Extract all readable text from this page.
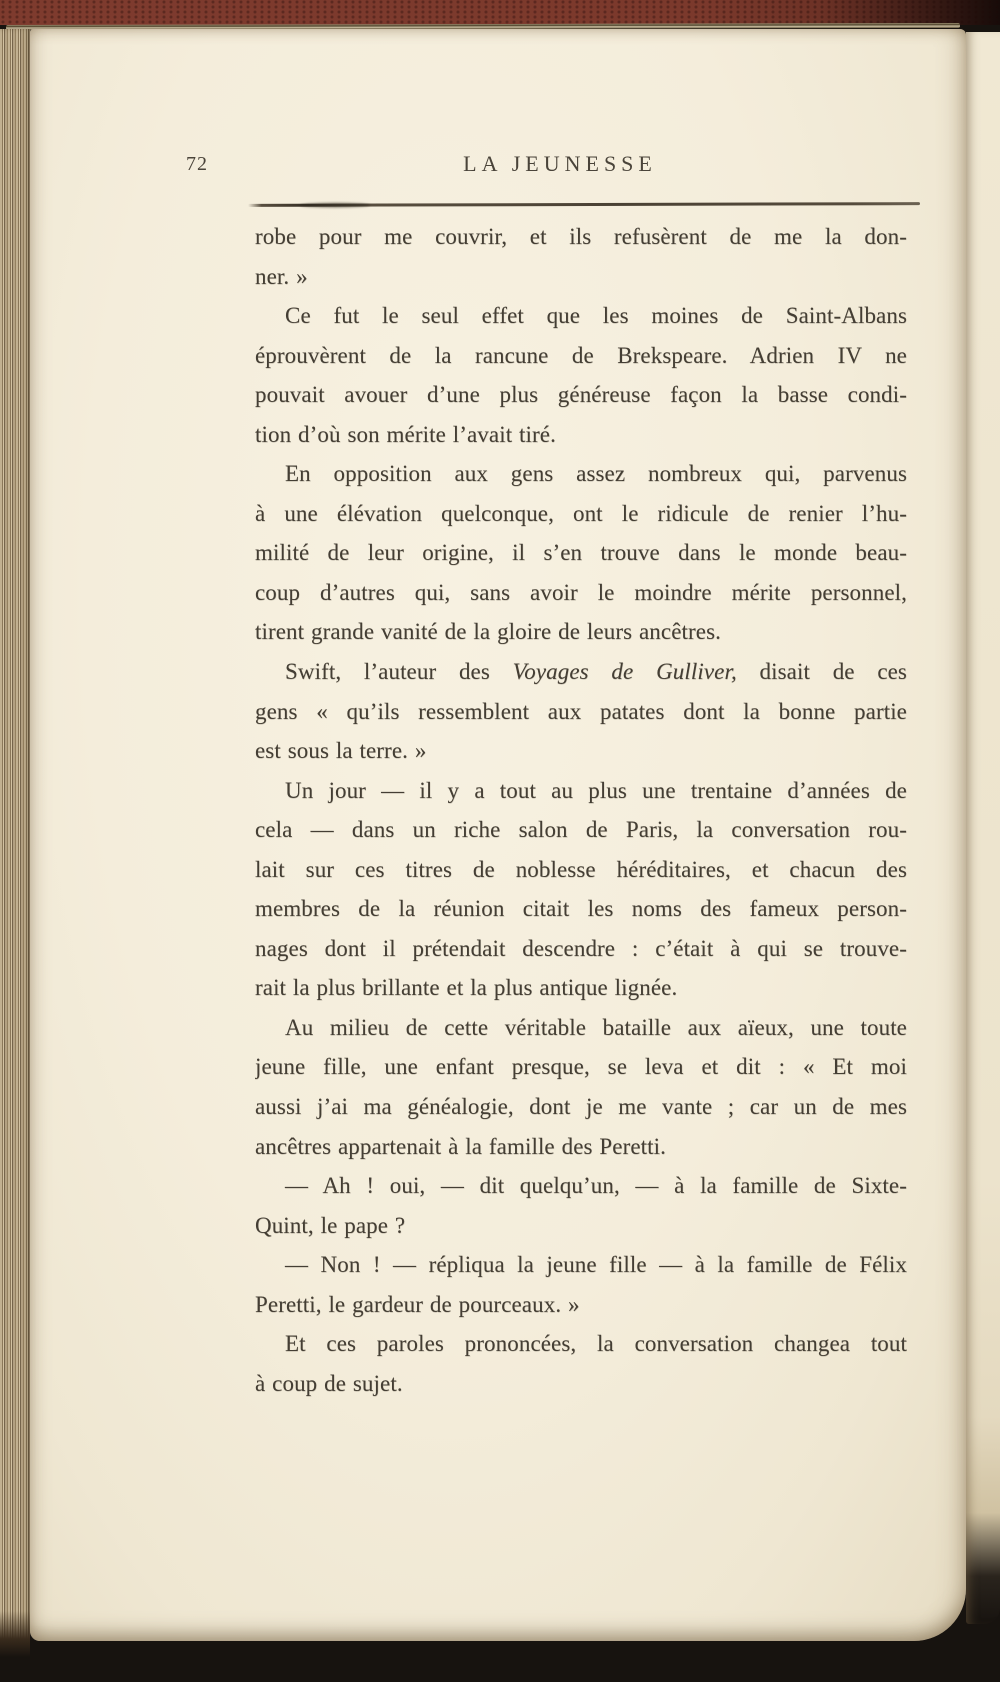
72	LA JEUNESSE
robe pour me couvrir, et ils refusèrent de me la don-
ner. »
Ce fut le seul effet que les moines de Saint-Albans
éprouvèrent de la rancune de Brekspeare. Adrien IV ne
pouvait avouer d’une plus généreuse façon la basse condi-
tion d’où son mérite l’avait tiré.
En opposition aux gens assez nombreux qui, parvenus
à une élévation quelconque, ont le ridicule de renier l’hu-
milité de leur origine, il s’en trouve dans le monde beau-
coup d’autres qui, sans avoir le moindre mérite personnel,
tirent grande vanité de la gloire de leurs ancêtres.
Swift, l’auteur des Voyages de Gulliver, disait de ces
gens « qu’ils ressemblent aux patates dont la bonne partie
est sous la terre. »
Un jour — il y a tout au plus une trentaine d’années de
cela — dans un riche salon de Paris, la conversation rou-
lait sur ces titres de noblesse héréditaires, et chacun des
membres de la réunion citait les noms des fameux person-
nages dont il prétendait descendre : c’était à qui se trouve-
rait la plus brillante et la plus antique lignée.
Au milieu de cette véritable bataille aux aïeux, une toute
jeune fille, une enfant presque, se leva et dit : « Et moi
aussi j’ai ma généalogie, dont je me vante ; car un de mes
ancêtres appartenait à la famille des Peretti.
— Ah ! oui, — dit quelqu’un, — à la famille de Sixte-
Quint, le pape ?
— Non ! — répliqua la jeune fille — à la famille de Félix
Peretti, le gardeur de pourceaux. »
Et ces paroles prononcées, la conversation changea tout
à coup de sujet.
